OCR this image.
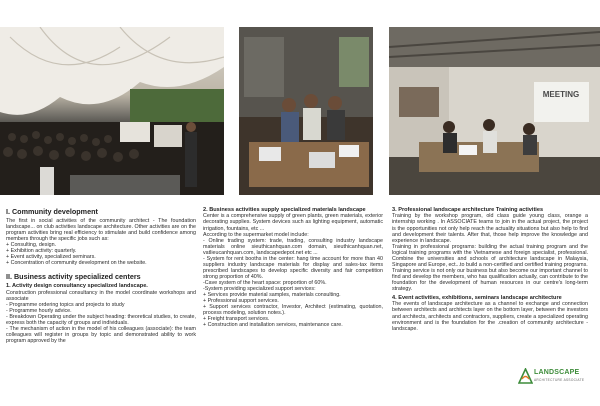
MEETING
I. Community development

The first in social activities of the community architect - The foundation landscape... on club activities landscape architecture. Other activities are on the program activities bring real efficiency to stimulate and build confidence among members through the specific jobs such as:
+ Consulting, design.
+ Exhibition activity: quarterly.
+ Event activity, specialized seminars.
+ Concentration of community development on the website.

II. Business activity specialized centers
1. Activity design consultancy specialized landscape.

Construction professional consultancy in the model coordinate workshops and associate
- Programme ordering topics and projects to study
- Programme hourly advice.
- Breakdown Operating under the subject heading: theoretical studies, to create, express both the capacity of groups and individuals.
- The mechanism of action in the model of his colleagues (associate): the team colleagues will register in groups by topic and demonstrated ability to work program approved by the

2. Business activities supply specialized materials landscape

Center is a comprehensive supply of green plants, green materials, exterior decorating supplies. System devices such as lighting equipment, automatic irrigation, fountains, etc ...
According to the supermarket model include:
- Online trading system: trade, trading, consulting industry landscape materials online sieuthicanhquan.com domain, sieuthicanhquan.net, vatlieucanhquan.com, landscapedepot.net etc ...
- System for rent booths in the center: hang time account for more than 40 suppliers industry landscape materials for display and sales-tax items prescribed landscapes to develop specific diversity and fair competition strong proportion of 40%.
-Cave system of the heart space: proportion of 60%.
-System providing specialized support services:
+ Services provide material samples, materials consulting.
+ Professional support services.
+ Support services contractor, Investor, Architect (estimating, quotation, process modeling, solution notes.).
+ Freight transport services.
+ Construction and installation services, maintenance care.

3. Professional landscape architecture Training activities

Training by the workshop program, old class guide young class, orange a internship working . In ASSOCIATE teams to join in the actual project, the project is the opportunities not only help reach the actuality situations but also help to find and development their talents. After that, those help improve the knowledge and experience in landscape.
Training in professional programs: building the actual training program and the logical training programs with the Vietnamese and foreign specialist, professional. Combine the universities and schools of architecture landscape in Malaysia, Singapore and Europe, ect...to build a non-certified and certified training programs.
Training service is not only our business but also become our important channel to find and develop the members, who has qualification actually, can contribute to the foundation for the development of human resources in our centre's long-term strategy.

4. Event activities, exhibitions, seminars landscape architecture

The events of landscape architecture as a channel to exchange and connection between architects and architects layer on the bottom layer, between the investors and architects, architects and contractors, suppliers, create a specialized operating environment and is the foundation for the .creation of community architecture - landscape.

LANDSCAPE
ARCHITECTURE ASSOCIATE
